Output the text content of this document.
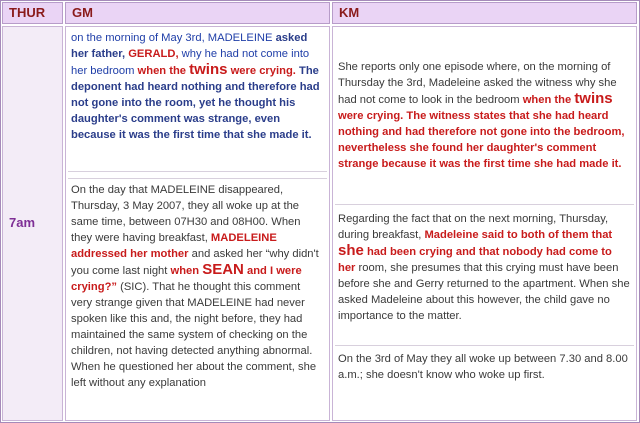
THUR	GM	KM
7am
on the morning of May 3rd, MADELEINE asked her father, GERALD, why he had not come into her bedroom when the twins were crying. The deponent had heard nothing and therefore had not gone into the room, yet he thought his daughter's comment was strange, even because it was the first time that she made it.
On the day that MADELEINE disappeared, Thursday, 3 May 2007, they all woke up at the same time, between 07H30 and 08H00. When they were having breakfast, MADELEINE addressed her mother and asked her “why didn't you come last night when SEAN and I were crying?” (SIC). That he thought this comment very strange given that MADELEINE had never spoken like this and, the night before, they had maintained the same system of checking on the children, not having detected anything abnormal. When he questioned her about the comment, she left without any explanation
She reports only one episode where, on the morning of Thursday the 3rd, Madeleine asked the witness why she had not come to look in the bedroom when the twins were crying. The witness states that she had heard nothing and had therefore not gone into the bedroom, nevertheless she found her daughter's comment strange because it was the first time she had made it.
Regarding the fact that on the next morning, Thursday, during breakfast, Madeleine said to both of them that she had been crying and that nobody had come to her room, she presumes that this crying must have been before she and Gerry returned to the apartment. When she asked Madeleine about this however, the child gave no importance to the matter.
On the 3rd of May they all woke up between 7.30 and 8.00 a.m.; she doesn't know who woke up first.
